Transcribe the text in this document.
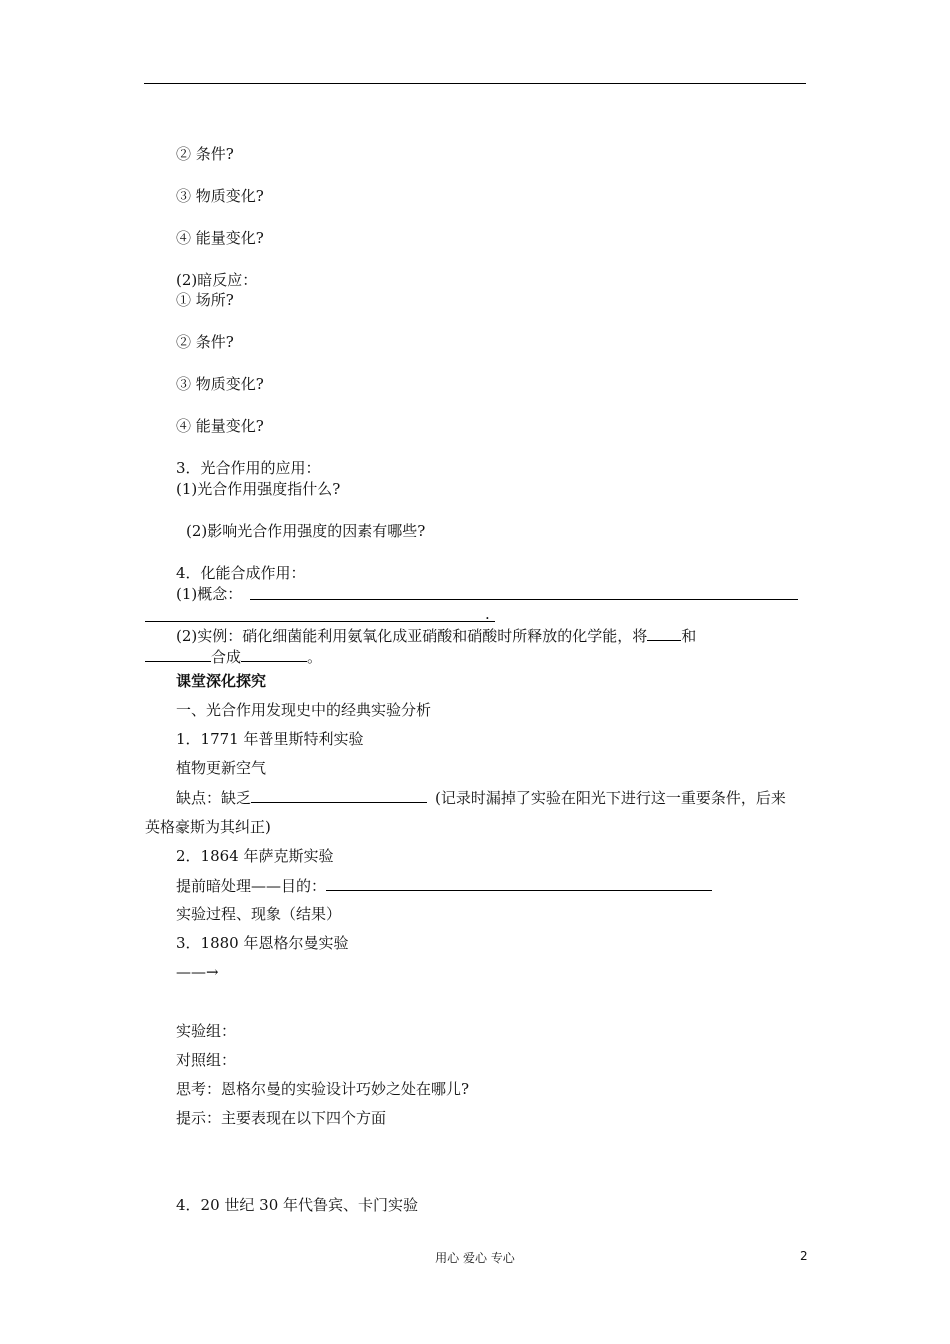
② 条件?
③ 物质变化?
④ 能量变化?
(2)暗反应：
① 场所?
② 条件?
③ 物质变化?
④ 能量变化?
3．光合作用的应用：
(1)光合作用强度指什么?
(2)影响光合作用强度的因素有哪些?
4．化能合成作用：
(1)概念：
.
(2)实例：硝化细菌能利用氨氧化成亚硝酸和硝酸时所释放的化学能，将 和
合成	。
课堂深化探究
一、光合作用发现史中的经典实验分析
1．1771 年普里斯特利实验
植物更新空气
缺点：缺乏	(记录时漏掉了实验在阳光下进行这一重要条件，后来
英格豪斯为其纠正)
2．1864 年萨克斯实验
提前暗处理——目的：
实验过程、现象（结果）
3．1880 年恩格尔曼实验
——→
实验组：
对照组：
思考：恩格尔曼的实验设计巧妙之处在哪儿?
提示：主要表现在以下四个方面
4．20 世纪 30 年代鲁宾、卡门实验
用心 爱心 专心	2
